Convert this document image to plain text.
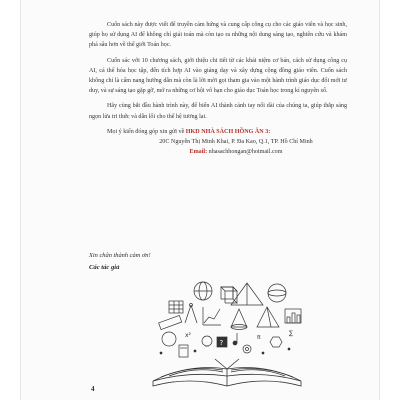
Cuốn sách này được viết để truyền cảm hứng và cung cấp công cụ cho các giáo viên và học sinh, giúp họ sử dụng AI để không chỉ giải toán mà còn tạo ra những nội dung sáng tạo, nghiên cứu và khám phá sâu hơn về thế giới Toán học.

Cuốn sác với 10 chương sách, giới thiệu chi tiết từ các khái niệm cơ bản, cách sử dụng công cụ AI, cá thể hóa học tập, đến tích hợp AI vào giảng dạy và xây dựng cộng đồng giáo viên. Cuốn sách không chỉ là cẩm nang hướng dẫn mà còn là lời mời gọi tham gia vào một hành trình giáo dục đổi mới tư duy, và sự sáng tạo gặp gỡ, mở ra những cơ hội vô hạn cho giáo dục Toán học trong kỉ nguyên số.

Hãy cùng bắt đầu hành trình này, để biến AI thành cánh tay nối dài của chúng ta, giúp thắp sáng ngọn lửa tri thức và dẫn lối cho thế hệ tương lai.

Mọi ý kiến đóng góp xin gửi về HKD NHÀ SÁCH HỒNG ÂN 3:

20C Nguyễn Thị Minh Khai, P. Đa Kao, Q.1, TP. Hồ Chí Minh

Email: nhasachhongan@hotmail.com

Xin chân thành cảm ơn!
Các tác giả
x²	π
∑
?
4
